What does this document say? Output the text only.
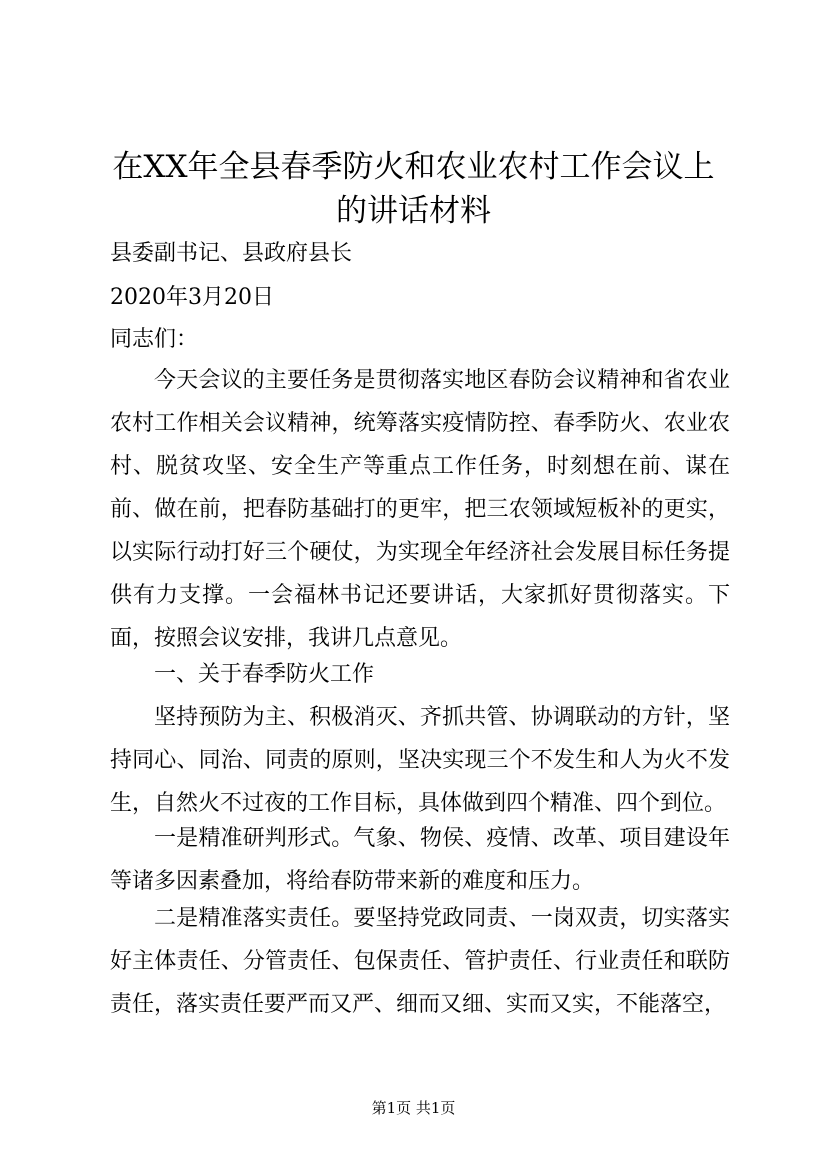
在XX年全县春季防火和农业农村工作会议上
的讲话材料
县委副书记、县政府县长
2020年3月20日
同志们：

今天会议的主要任务是贯彻落实地区春防会议精神和省农业农村工作相关会议精神，统筹落实疫情防控、春季防火、农业农村、脱贫攻坚、安全生产等重点工作任务，时刻想在前、谋在前、做在前，把春防基础打的更牢，把三农领域短板补的更实，以实际行动打好三个硬仗，为实现全年经济社会发展目标任务提供有力支撑。一会福林书记还要讲话，大家抓好贯彻落实。下面，按照会议安排，我讲几点意见。

一、关于春季防火工作

坚持预防为主、积极消灭、齐抓共管、协调联动的方针，坚持同心、同治、同责的原则，坚决实现三个不发生和人为火不发生，自然火不过夜的工作目标，具体做到四个精准、四个到位。

一是精准研判形式。气象、物侯、疫情、改革、项目建设年等诸多因素叠加，将给春防带来新的难度和压力。

二是精准落实责任。要坚持党政同责、一岗双责，切实落实好主体责任、分管责任、包保责任、管护责任、行业责任和联防责任，落实责任要严而又严、细而又细、实而又实，不能落空，

第1页 共1页
